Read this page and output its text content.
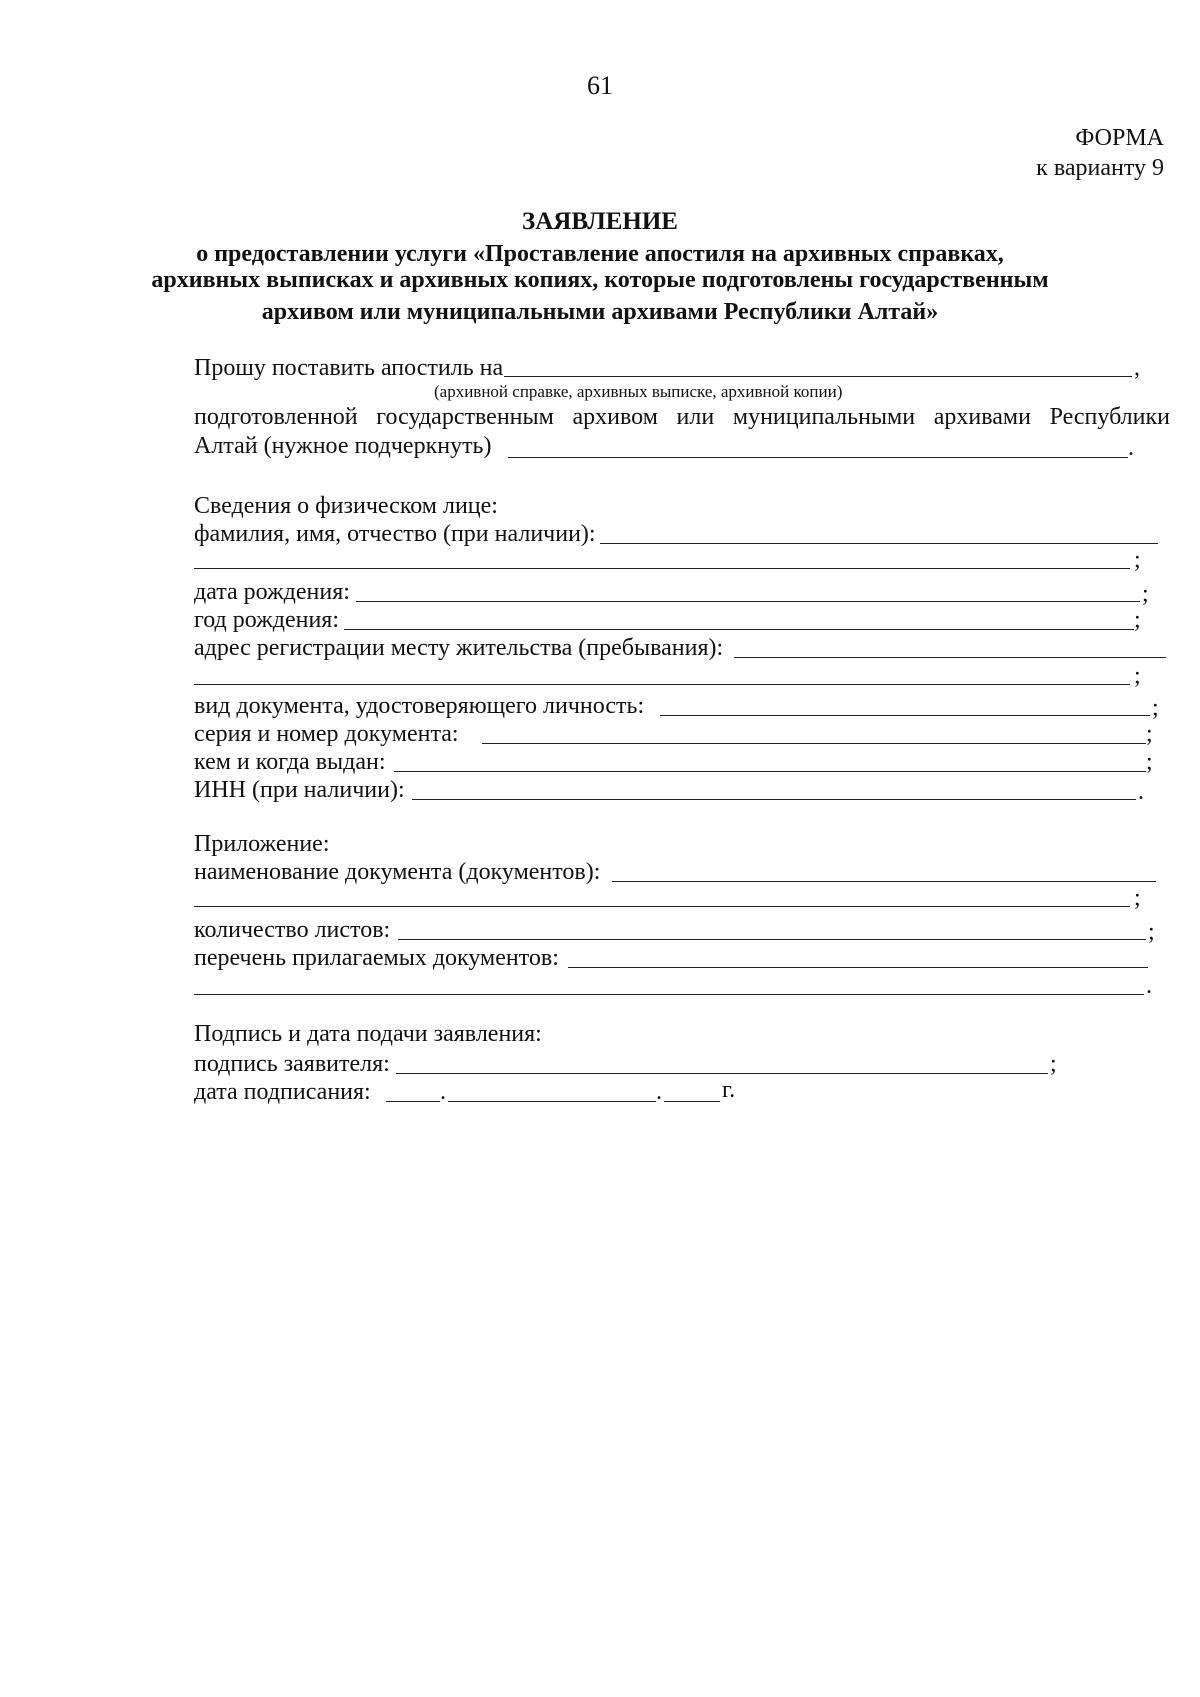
61
ФОРМА
к варианту 9
ЗАЯВЛЕНИЕ
о предоставлении услуги «Проставление апостиля на архивных справках,
архивных выписках и архивных копиях, которые подготовлены государственным
архивом или муниципальными архивами Республики Алтай»
Прошу поставить апостиль на	,
(архивной справке, архивных выписке, архивной копии)
подготовленной государственным архивом или муниципальными архивами Республики
Алтай (нужное подчеркнуть)	.
Сведения о физическом лице:
фамилия, имя, отчество (при наличии):
;
дата рождения:	;
год рождения:	;
адрес регистрации месту жительства (пребывания):
;
вид документа, удостоверяющего личность:	;
серия и номер документа:	;
кем и когда выдан:	;
ИНН (при наличии):	.
Приложение:
наименование документа (документов):
;
количество листов:	;
перечень прилагаемых документов:
.
Подпись и дата подачи заявления:
подпись заявителя:	;
дата подписания:	.	.	г.
